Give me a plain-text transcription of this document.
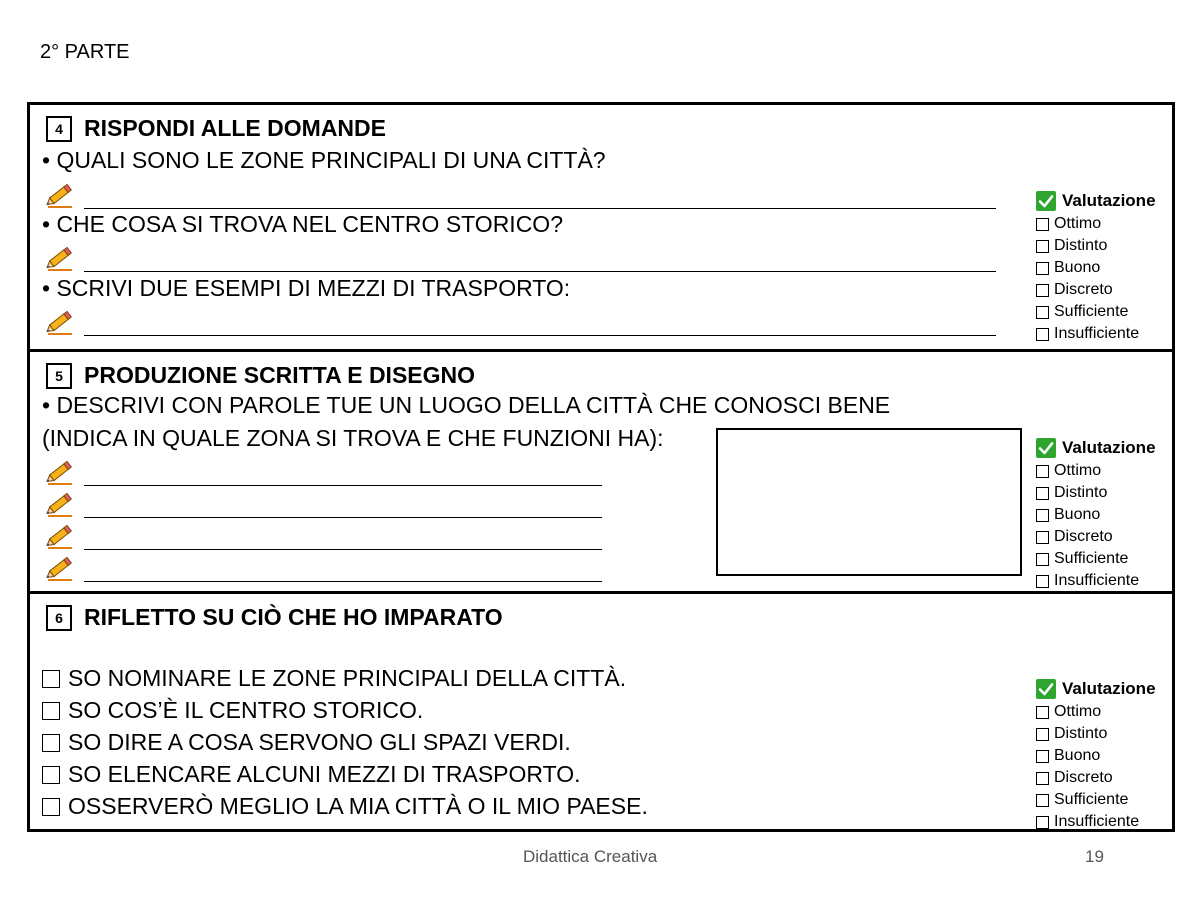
2° PARTE
4 RISPONDI ALLE DOMANDE
• QUALI SONO LE ZONE PRINCIPALI DI UNA CITTÀ?
• CHE COSA SI TROVA NEL CENTRO STORICO?
• SCRIVI DUE ESEMPI DI MEZZI DI TRASPORTO:
Valutazione
Ottimo
Distinto
Buono
Discreto
Sufficiente
Insufficiente
5 PRODUZIONE SCRITTA E DISEGNO
• DESCRIVI CON PAROLE TUE UN LUOGO DELLA CITTÀ CHE CONOSCI BENE
(INDICA IN QUALE ZONA SI TROVA E CHE FUNZIONI HA):	Valutazione
Ottimo
Distinto
Buono
Discreto
Sufficiente
Insufficiente
6 RIFLETTO SU CIÒ CHE HO IMPARATO
SO NOMINARE LE ZONE PRINCIPALI DELLA CITTÀ.
SO COS’È IL CENTRO STORICO.
SO DIRE A COSA SERVONO GLI SPAZI VERDI.
SO ELENCARE ALCUNI MEZZI DI TRASPORTO.
OSSERVERÒ MEGLIO LA MIA CITTÀ O IL MIO PAESE.
Valutazione
Ottimo
Distinto
Buono
Discreto
Sufficiente
Insufficiente
Didattica Creativa	19
